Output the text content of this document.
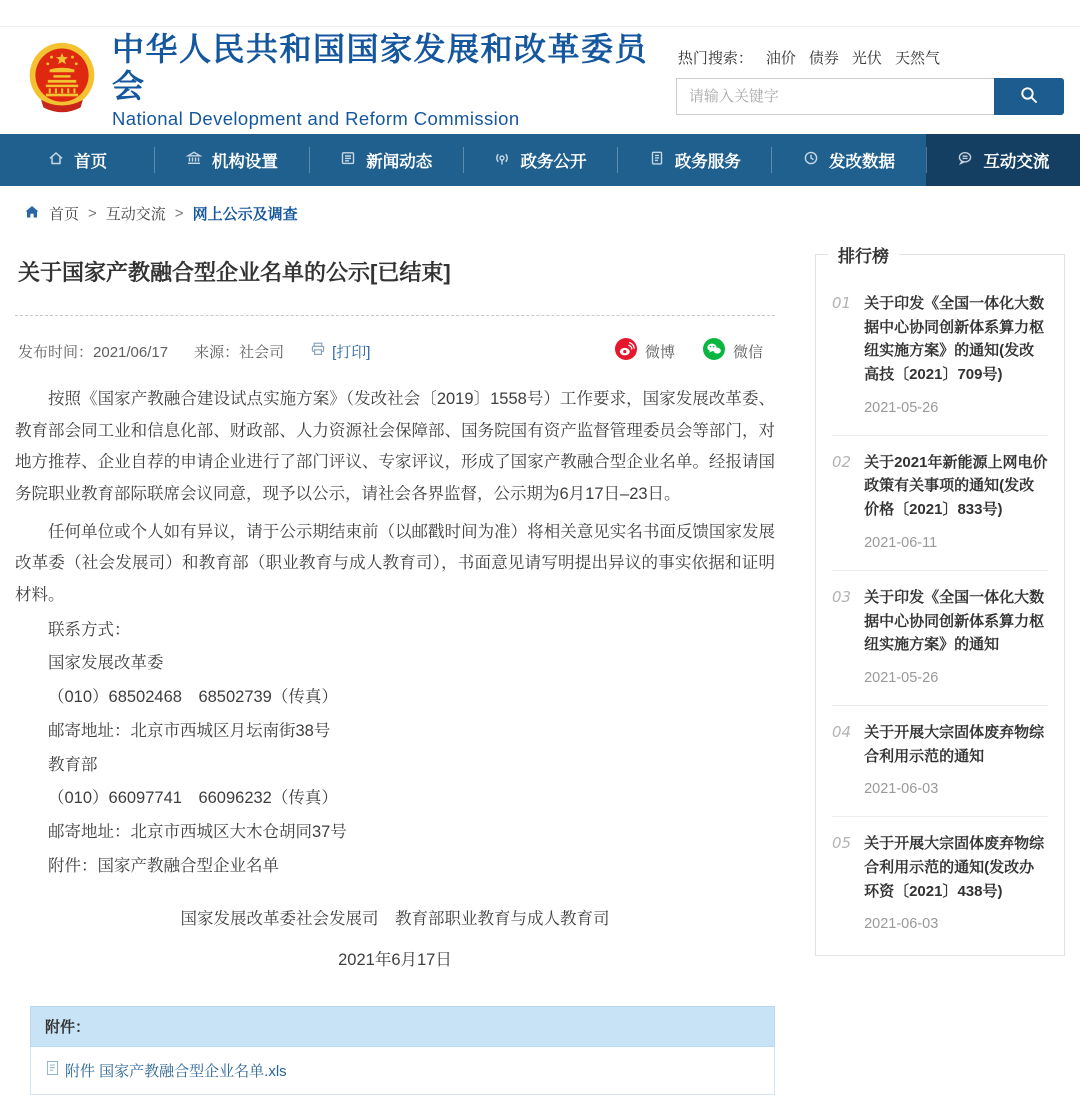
中华人民共和国国家发展和改革委员会
National Development and Reform Commission
热门搜索： 油价 债券 光伏 天然气
请输入关键字
首页	机构设置	新闻动态	政务公开	政务服务	发改数据	互动交流
首页 > 互动交流 > 网上公示及调查
关于国家产教融合型企业名单的公示[已结束]
发布时间：2021/06/17 来源：社会司	[打印]	微博	微信

按照《国家产教融合建设试点实施方案》（发改社会〔2019〕1558号）工作要求，国家发展改革委、教育部会同工业和信息化部、财政部、人力资源社会保障部、国务院国有资产监督管理委员会等部门，对地方推荐、企业自荐的申请企业进行了部门评议、专家评议，形成了国家产教融合型企业名单。经报请国务院职业教育部际联席会议同意，现予以公示，请社会各界监督，公示期为6月17日–23日。

任何单位或个人如有异议，请于公示期结束前（以邮戳时间为准）将相关意见实名书面反馈国家发展改革委（社会发展司）和教育部（职业教育与成人教育司），书面意见请写明提出异议的事实依据和证明材料。

联系方式：

国家发展改革委

（010）68502468　68502739（传真）

邮寄地址：北京市西城区月坛南街38号

教育部

（010）66097741　66096232（传真）

邮寄地址：北京市西城区大木仓胡同37号

附件：国家产教融合型企业名单

国家发展改革委社会发展司　教育部职业教育与成人教育司

2021年6月17日

附件：
附件 国家产教融合型企业名单.xls
排行榜
01 关于印发《全国一体化大数据中心协同创新体系算力枢纽实施方案》的通知(发改高技〔2021〕709号)
2021-05-26
02 关于2021年新能源上网电价政策有关事项的通知(发改价格〔2021〕833号)
2021-06-11
03 关于印发《全国一体化大数据中心协同创新体系算力枢纽实施方案》的通知
2021-05-26
04 关于开展大宗固体废弃物综合利用示范的通知
2021-06-03
05 关于开展大宗固体废弃物综合利用示范的通知(发改办环资〔2021〕438号)
2021-06-03
